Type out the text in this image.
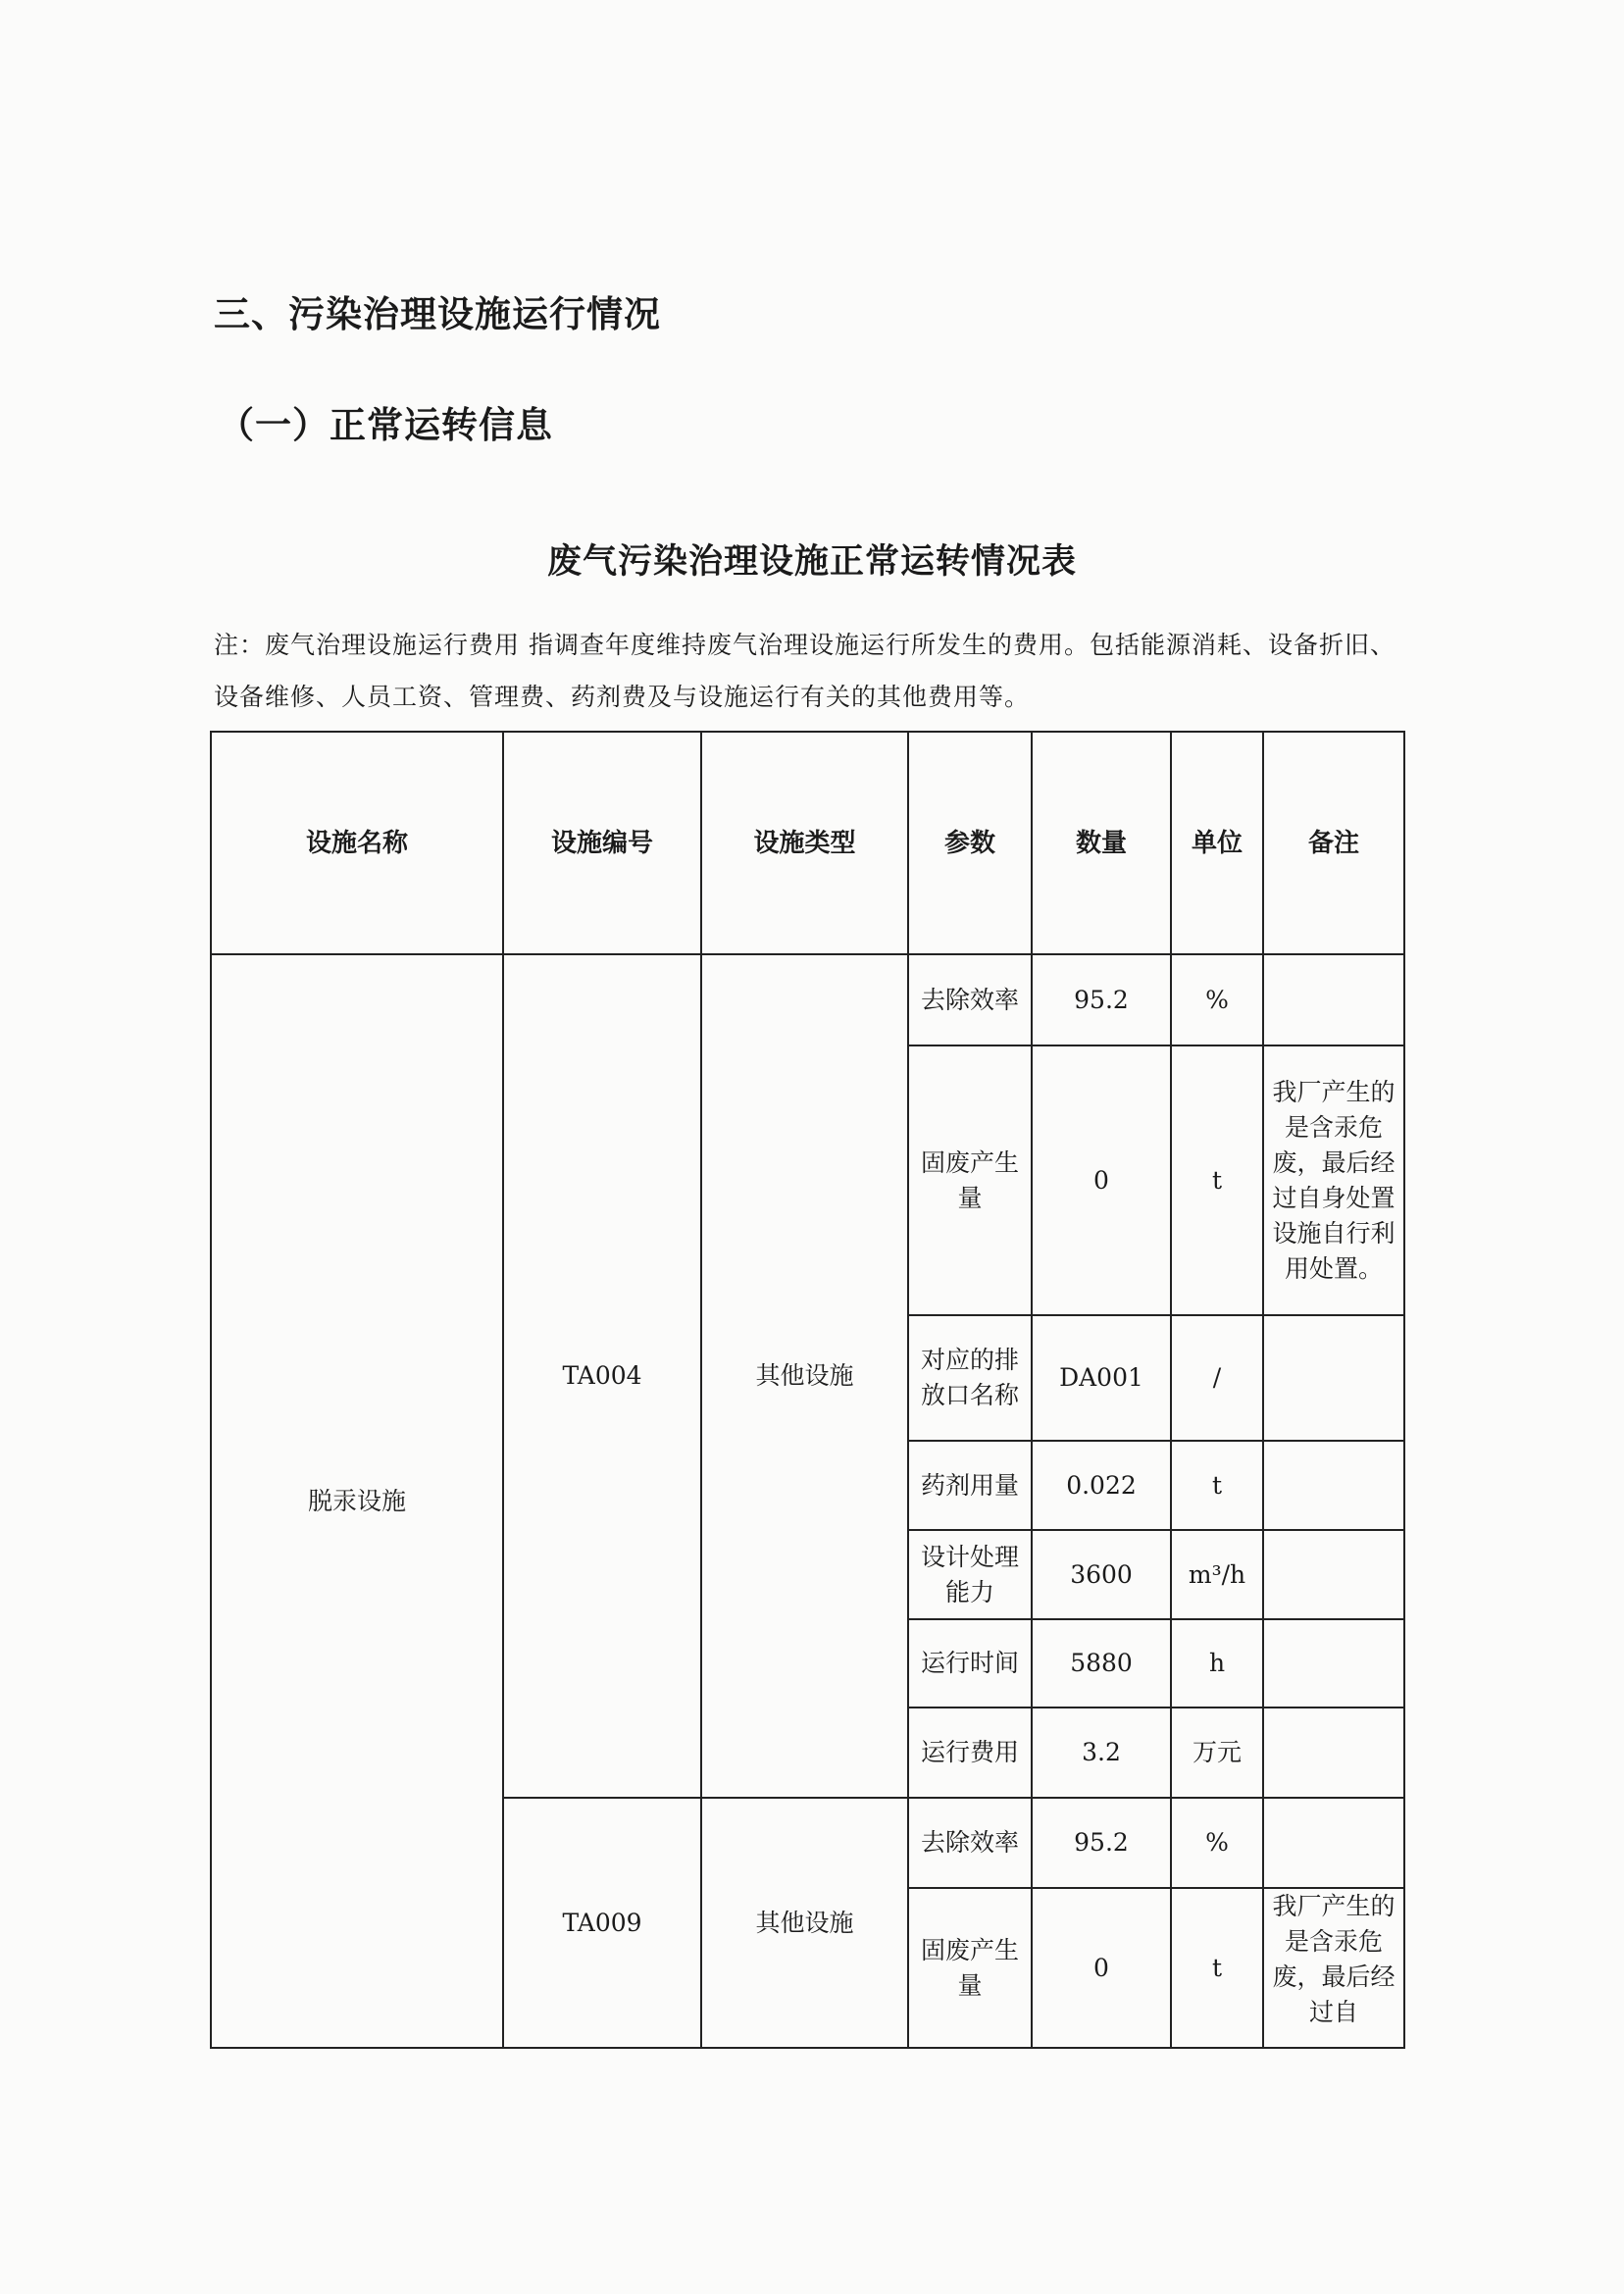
三、污染治理设施运行情况
（一）正常运转信息
废气污染治理设施正常运转情况表

注：废气治理设施运行费用 指调查年度维持废气治理设施运行所发生的费用。包括能源消耗、设备折旧、设备维修、人员工资、管理费、药剂费及与设施运行有关的其他费用等。

设施名称	设施编号	设施类型	参数	数量	单位	备注
脱汞设施	TA004	其他设施	去除效率	95.2	%	
			固废产生量	0	t	我厂产生的是含汞危废，最后经过自身处置设施自行利用处置。
			对应的排放口名称	DA001	/	
			药剂用量	0.022	t	
			设计处理能力	3600	m³/h	
			运行时间	5880	h	
			运行费用	3.2	万元	
	TA009	其他设施	去除效率	95.2	%	
			固废产生量	0	t	我厂产生的是含汞危废，最后经过自
